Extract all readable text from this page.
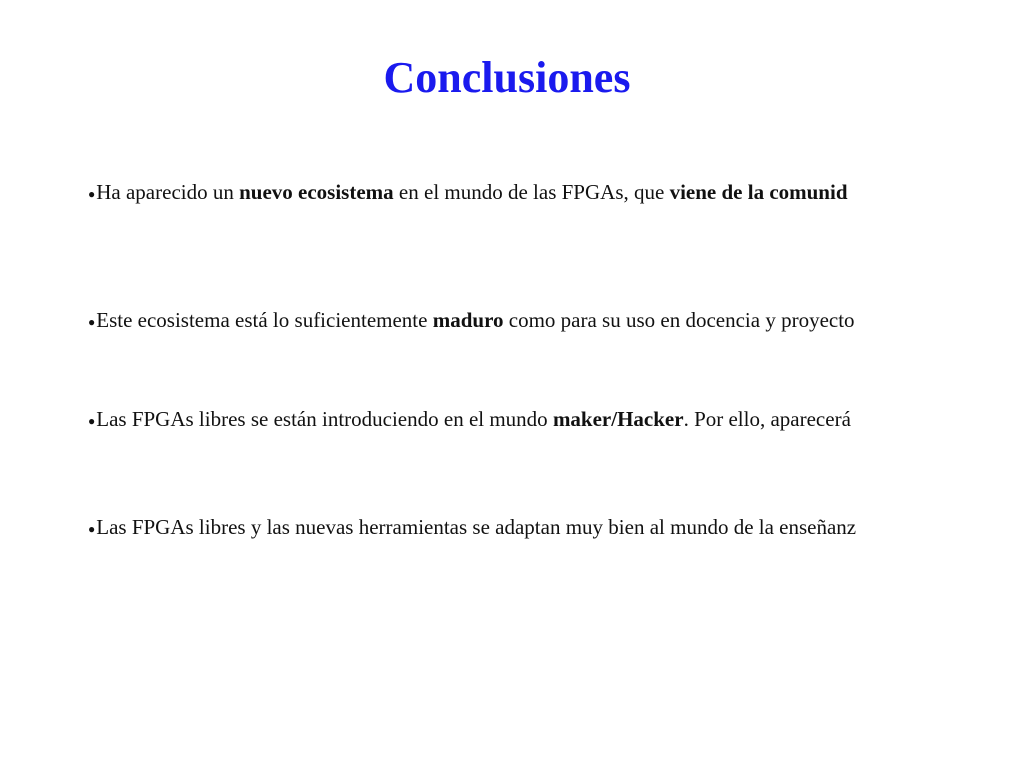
Conclusiones
●Ha aparecido un nuevo ecosistema en el mundo de las FPGAs, que viene de la comunid
●Este ecosistema está lo suficientemente maduro como para su uso en docencia y proyecto
●Las FPGAs libres se están introduciendo en el mundo maker/Hacker. Por ello, aparecerá
●Las FPGAs libres y las nuevas herramientas se adaptan muy bien al mundo de la enseñanz
